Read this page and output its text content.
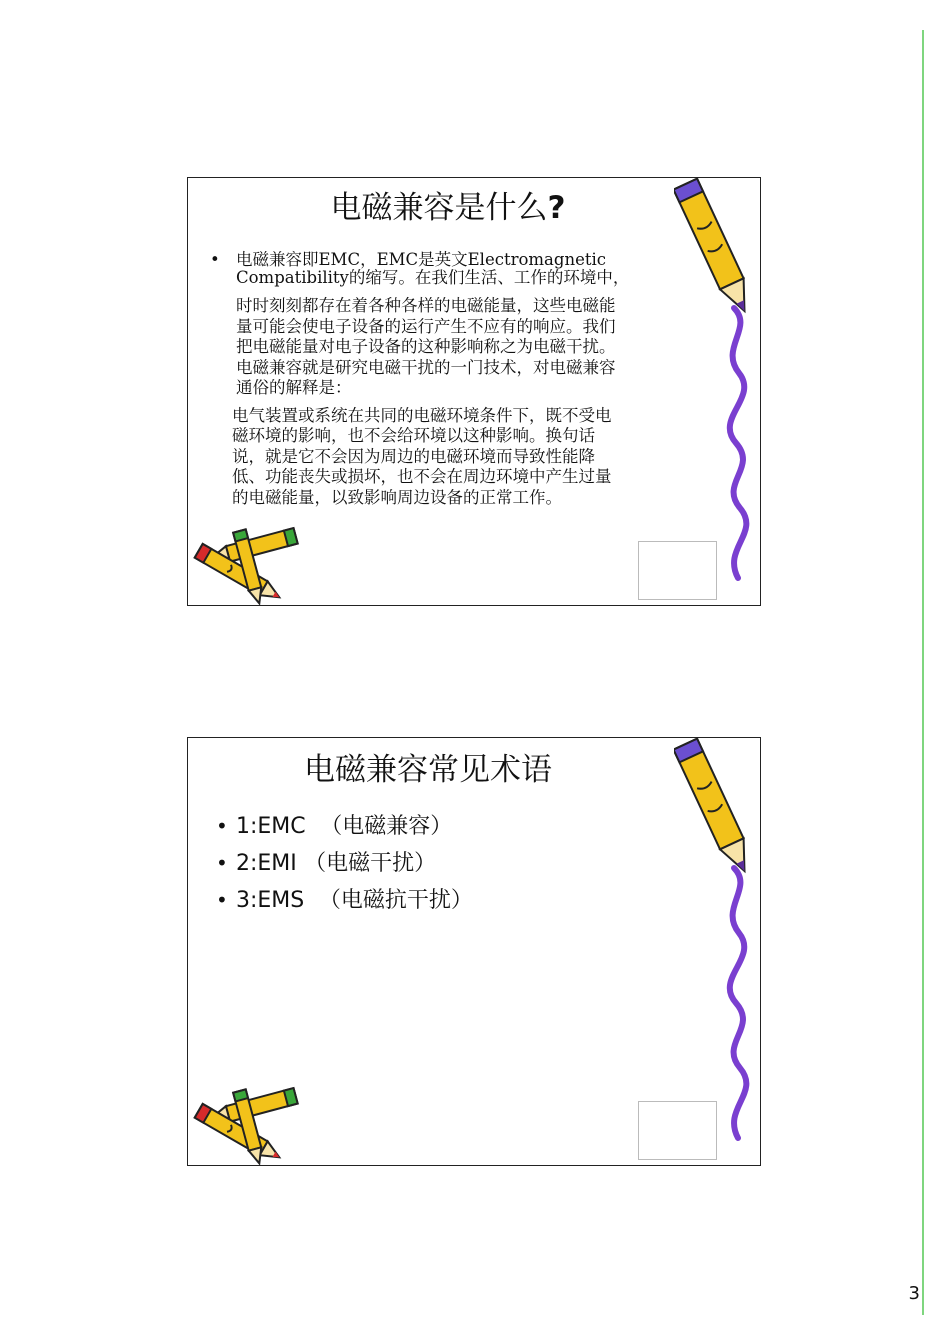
3
电磁兼容是什么?
• 电磁兼容即EMC，EMC是英文Electromagnetic
Compatibility的缩写。在我们生活、工作的环境中，
时时刻刻都存在着各种各样的电磁能量，这些电磁能
量可能会使电子设备的运行产生不应有的响应。我们
把电磁能量对电子设备的这种影响称之为电磁干扰。
电磁兼容就是研究电磁干扰的一门技术，对电磁兼容
通俗的解释是：
电气装置或系统在共同的电磁环境条件下，既不受电
磁环境的影响，也不会给环境以这种影响。换句话
说，就是它不会因为周边的电磁环境而导致性能降
低、功能丧失或损坏，也不会在周边环境中产生过量
的电磁能量，以致影响周边设备的正常工作。
电磁兼容常见术语
• 1:EMC （电磁兼容）
• 2:EMI （电磁干扰）
• 3:EMS （电磁抗干扰）
